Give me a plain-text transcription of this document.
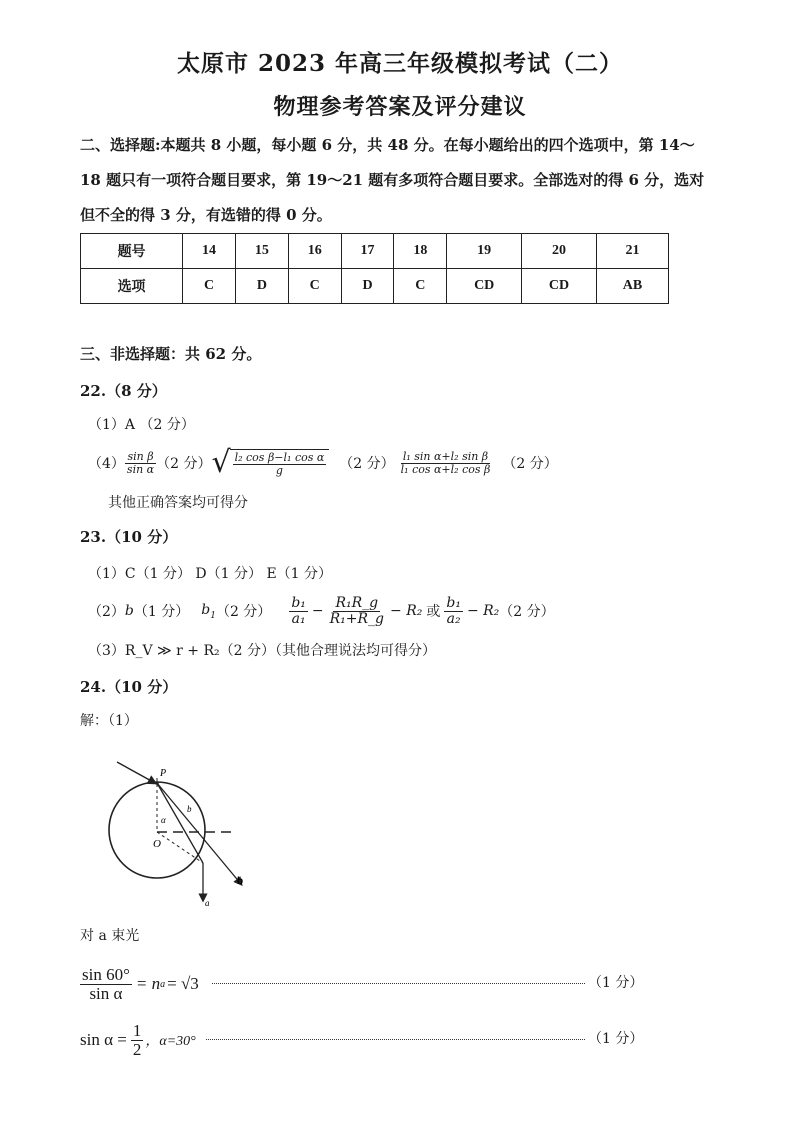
太原市 2023 年高三年级模拟考试（二）
物理参考答案及评分建议
二、选择题:本题共 8 小题，每小题 6 分，共 48 分。在每小题给出的四个选项中，第 14～
18 题只有一项符合题目要求，第 19～21 题有多项符合题目要求。全部选对的得 6 分，选对
但不全的得 3 分，有选错的得 0 分。
题号	14	15	16	17	18	19	20	21
选项	C	D	C	D	C	CD	CD	AB
三、非选择题：共 62 分。
22.（8 分）
（1）A （2 分）
$(4) \frac{\text{sin β}}{\text{sin α}} (2$ 分） √ $\frac{\text{l₂ cos β−l₁ cos α}}{g} (2$ 分） $\frac{\text{l₁ sin α+l₂ sin β}}{\text{l₁ cos α+l₂ cos β}} (2$ 分）
其他正确答案均可得分
23.（10 分）
（1）C（1 分） D（1 分） E（1 分）
（2） b （1 分） $b_1$ （2 分） $\frac{\text{b₁}}{\text{a₁}} - \frac{\text{R₁R\_g}}{\text{R₁+R\_g}} - R_2$ 或 $\frac{\text{b₁}}{\text{a₂}} - R_2$ （2 分）
（3）R_V ≫ r + R₂（2 分）（其他合理说法均可得分）
24.（10 分）
解：（1）
P
O
α
b
b
a
对 a 束光
$\frac{\sin 60^\circ}{\text{sin α}} = n$ a = √3	（1 分）
$\sin \alpha = \frac{1}{2}$ ，α=30°	（1 分）
